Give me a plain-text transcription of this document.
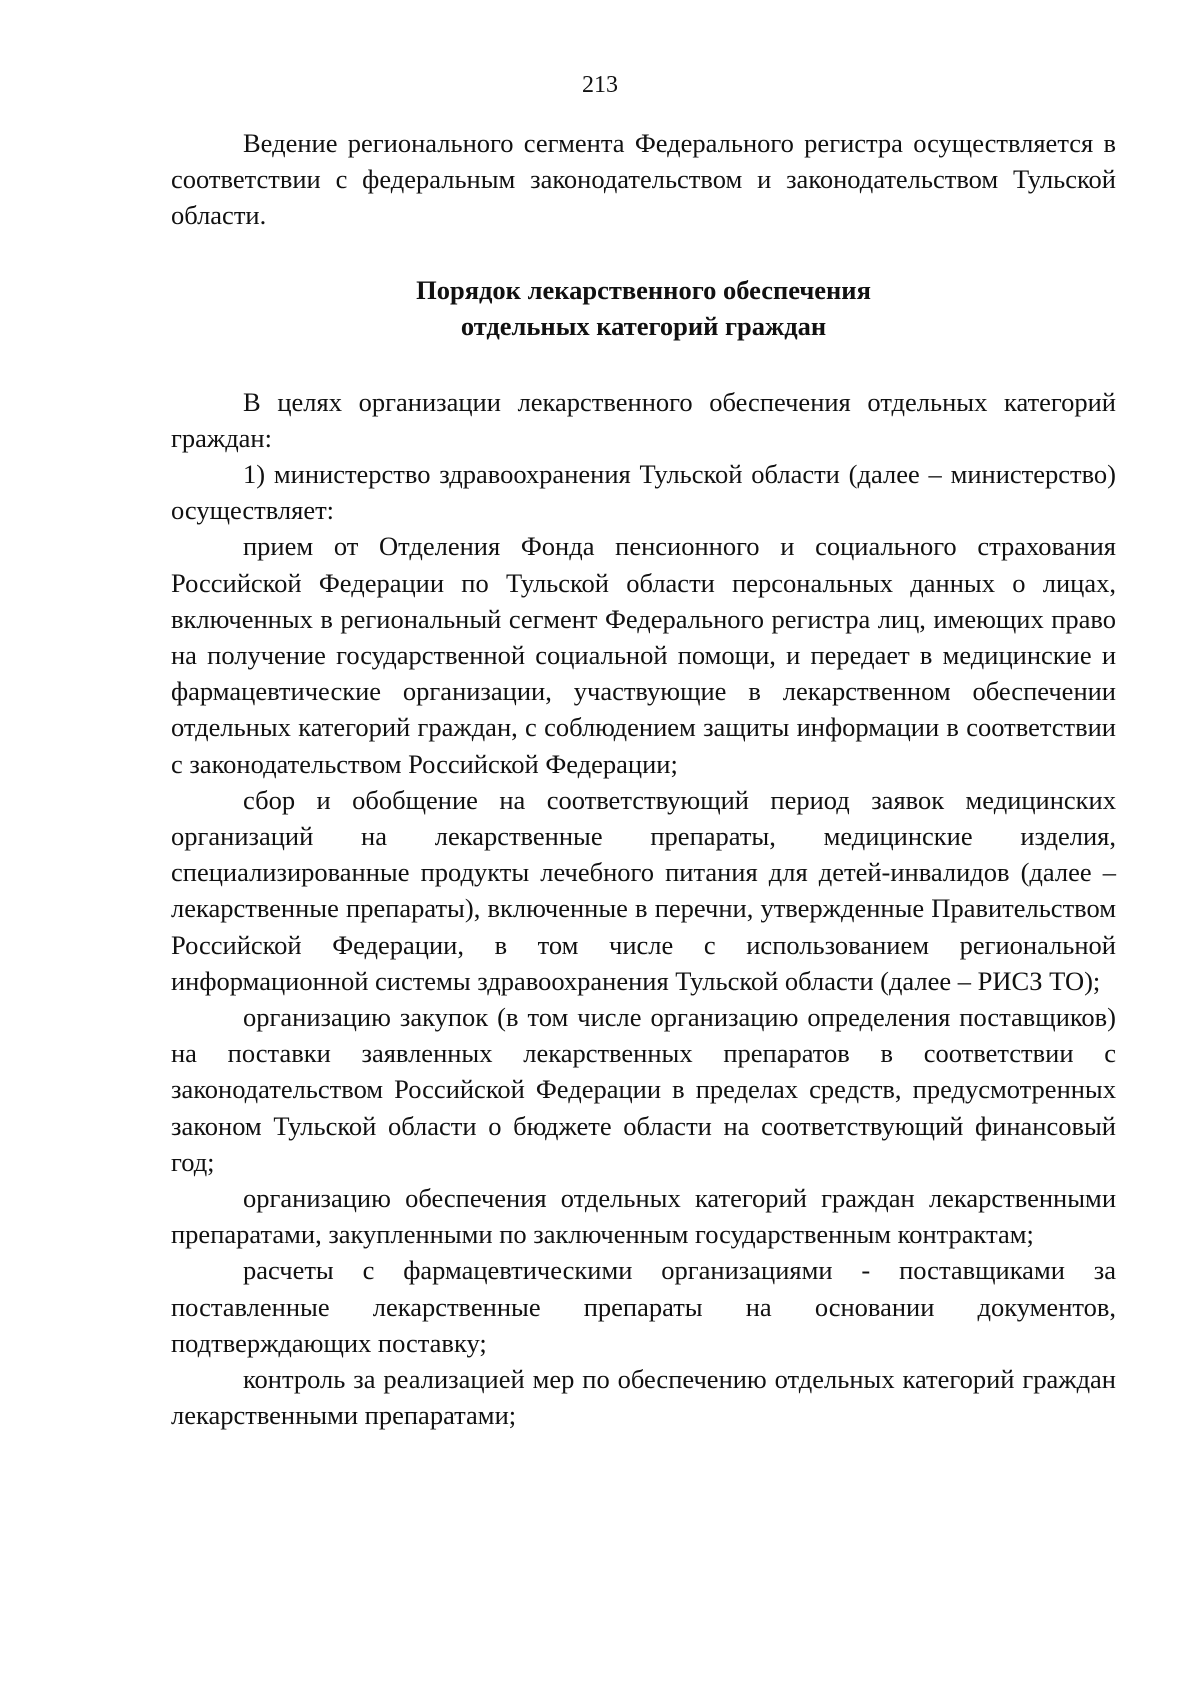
213

Ведение регионального сегмента Федерального регистра осуществляется в соответствии с федеральным законодательством и законодательством Тульской области.

Порядок лекарственного обеспечения
отдельных категорий граждан

В целях организации лекарственного обеспечения отдельных категорий граждан:

1) министерство здравоохранения Тульской области (далее – министерство) осуществляет:

прием от Отделения Фонда пенсионного и социального страхования Российской Федерации по Тульской области персональных данных о лицах, включенных в региональный сегмент Федерального регистра лиц, имеющих право на получение государственной социальной помощи, и передает в медицинские и фармацевтические организации, участвующие в лекарственном обеспечении отдельных категорий граждан, с соблюдением защиты информации в соответствии с законодательством Российской Федерации;

сбор и обобщение на соответствующий период заявок медицинских организаций на лекарственные препараты, медицинские изделия, специализированные продукты лечебного питания для детей-инвалидов (далее – лекарственные препараты), включенные в перечни, утвержденные Правительством Российской Федерации, в том числе с использованием региональной информационной системы здравоохранения Тульской области (далее – РИСЗ ТО);

организацию закупок (в том числе организацию определения поставщиков) на поставки заявленных лекарственных препаратов в соответствии с законодательством Российской Федерации в пределах средств, предусмотренных законом Тульской области о бюджете области на соответствующий финансовый год;

организацию обеспечения отдельных категорий граждан лекарственными препаратами, закупленными по заключенным государственным контрактам;

расчеты с фармацевтическими организациями - поставщиками за поставленные лекарственные препараты на основании документов, подтверждающих поставку;

контроль за реализацией мер по обеспечению отдельных категорий граждан лекарственными препаратами;
